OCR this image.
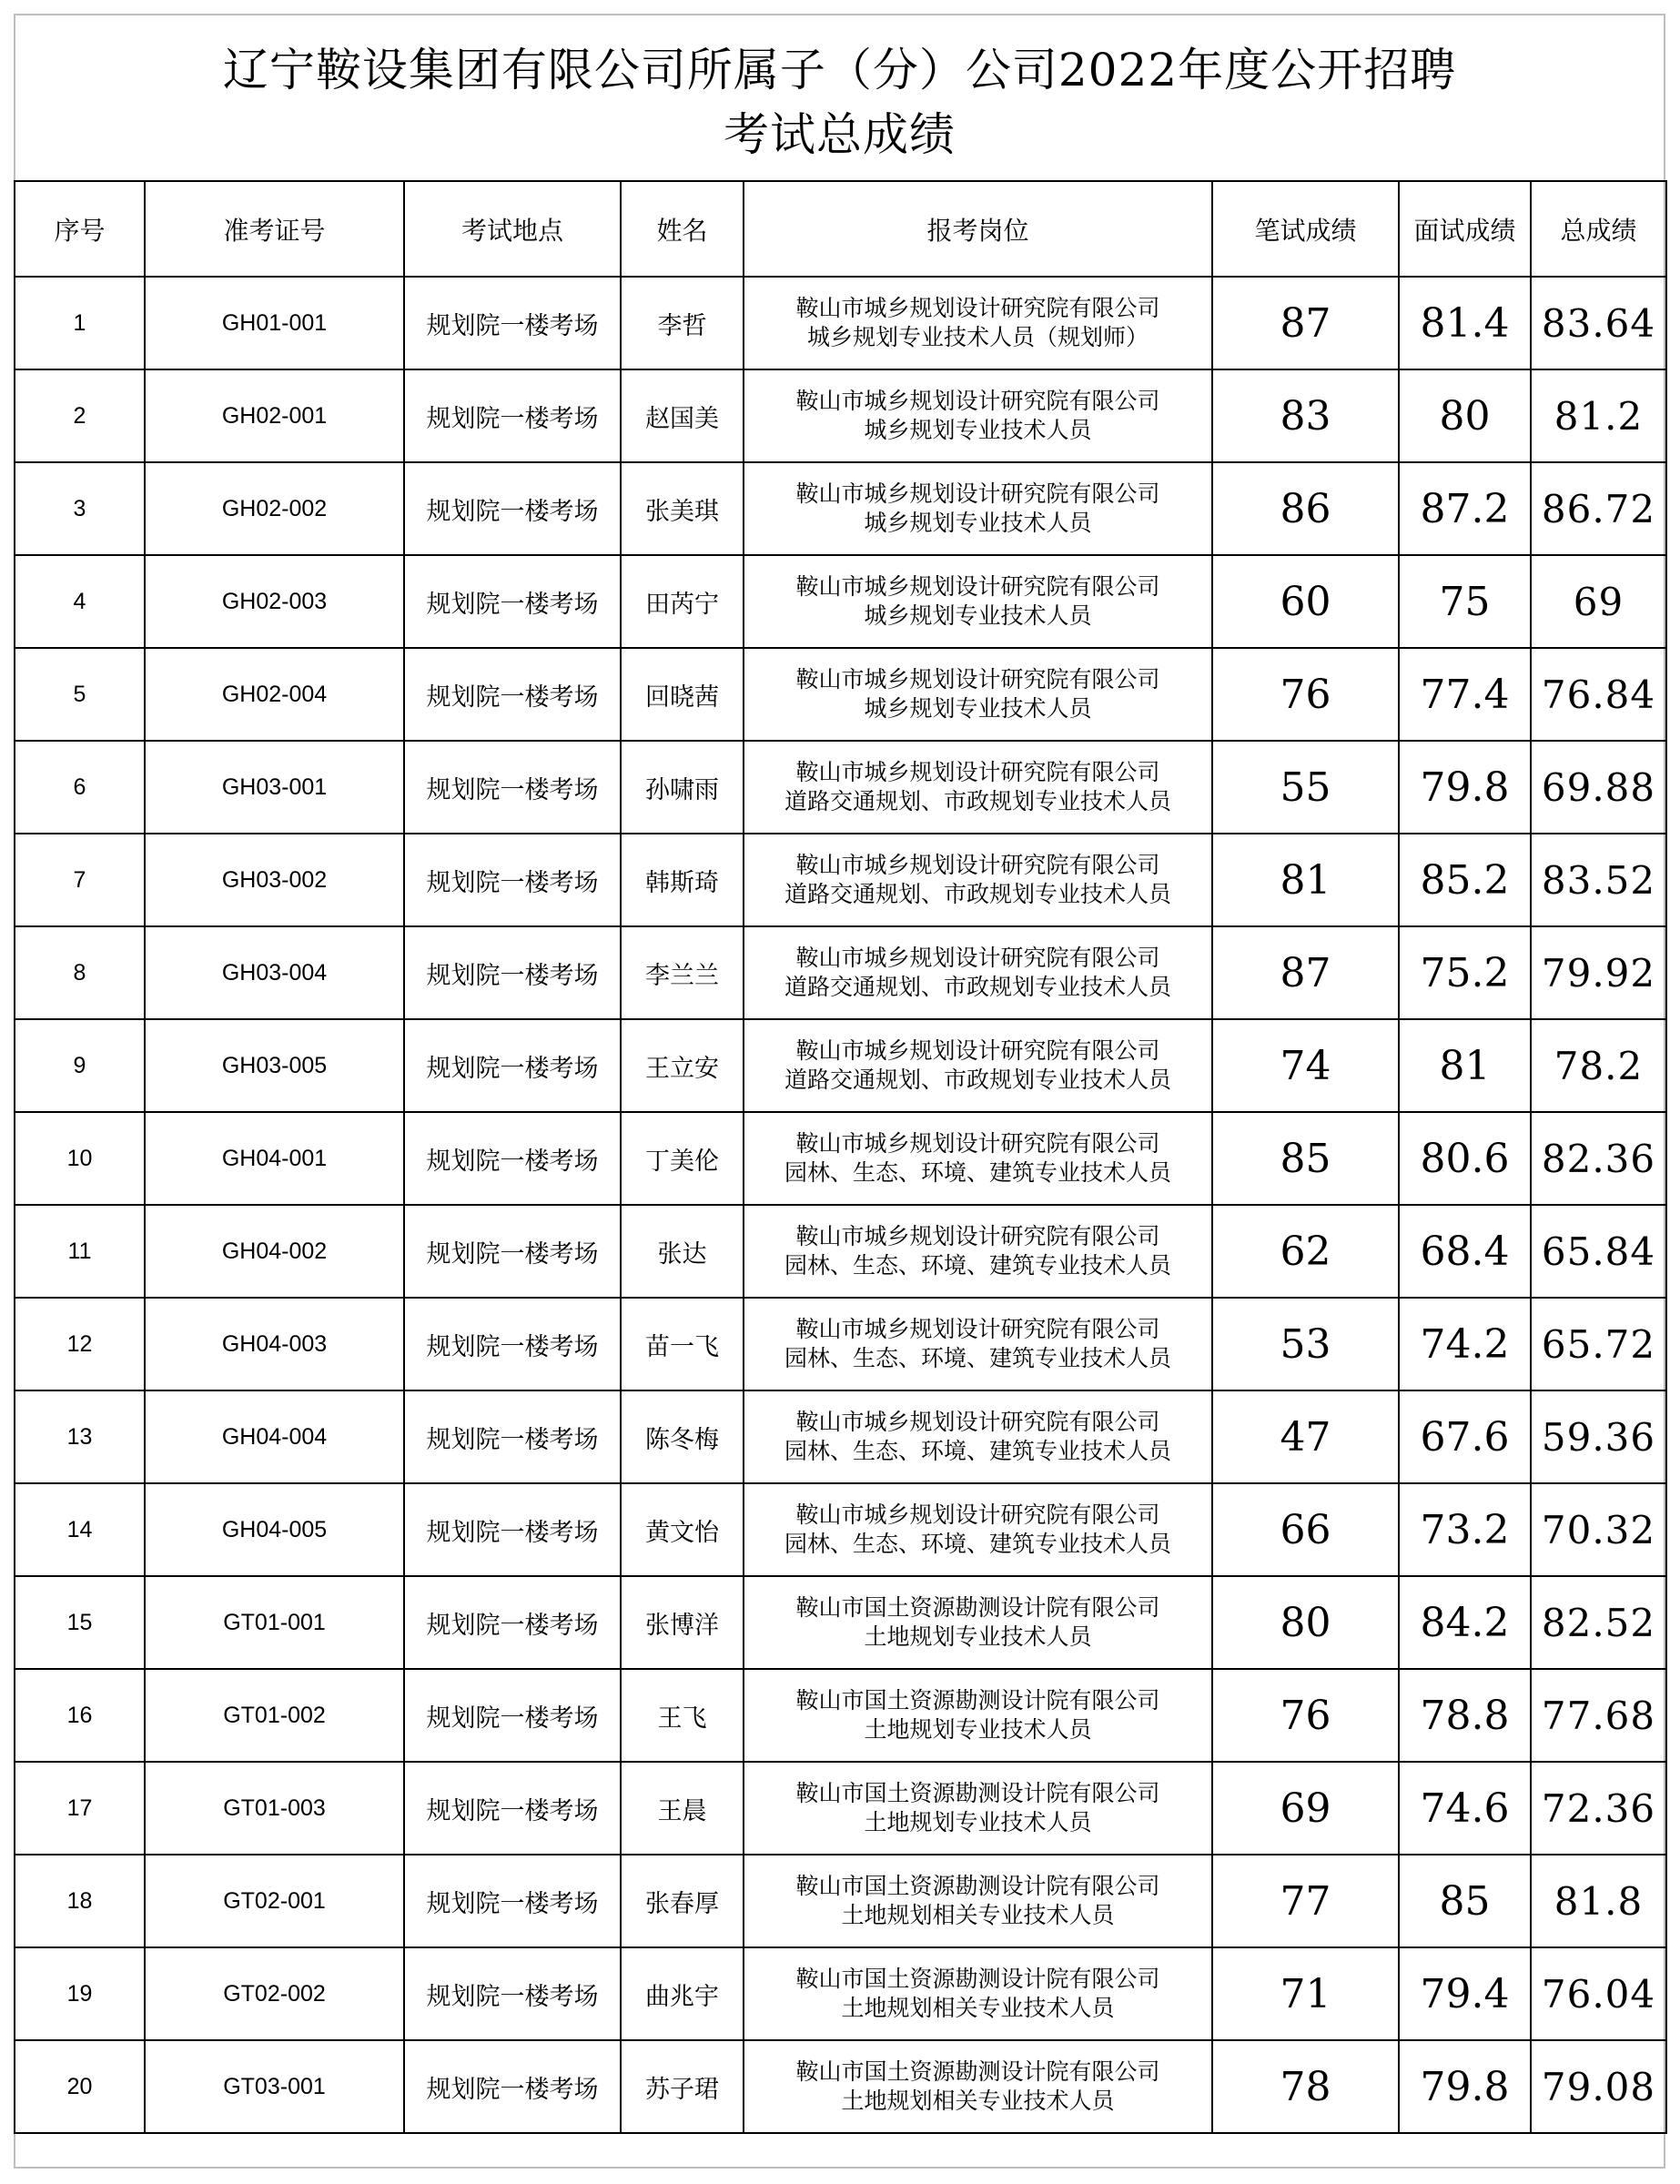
辽宁鞍设集团有限公司所属子（分）公司2022年度公开招聘
考试总成绩
序号	准考证号	考试地点	姓名	报考岗位	笔试成绩	面试成绩	总成绩
1	GH01-001	规划院一楼考场	李哲	鞍山市城乡规划设计研究院有限公司
城乡规划专业技术人员（规划师）	87	81.4	83.64
2	GH02-001	规划院一楼考场	赵国美	鞍山市城乡规划设计研究院有限公司
城乡规划专业技术人员	83	80	81.2
3	GH02-002	规划院一楼考场	张美琪	鞍山市城乡规划设计研究院有限公司
城乡规划专业技术人员	86	87.2	86.72
4	GH02-003	规划院一楼考场	田芮宁	鞍山市城乡规划设计研究院有限公司
城乡规划专业技术人员	60	75	69
5	GH02-004	规划院一楼考场	回晓茜	鞍山市城乡规划设计研究院有限公司
城乡规划专业技术人员	76	77.4	76.84
6	GH03-001	规划院一楼考场	孙啸雨	鞍山市城乡规划设计研究院有限公司
道路交通规划、市政规划专业技术人员	55	79.8	69.88
7	GH03-002	规划院一楼考场	韩斯琦	鞍山市城乡规划设计研究院有限公司
道路交通规划、市政规划专业技术人员	81	85.2	83.52
8	GH03-004	规划院一楼考场	李兰兰	鞍山市城乡规划设计研究院有限公司
道路交通规划、市政规划专业技术人员	87	75.2	79.92
9	GH03-005	规划院一楼考场	王立安	鞍山市城乡规划设计研究院有限公司
道路交通规划、市政规划专业技术人员	74	81	78.2
10	GH04-001	规划院一楼考场	丁美伦	鞍山市城乡规划设计研究院有限公司
园林、生态、环境、建筑专业技术人员	85	80.6	82.36
11	GH04-002	规划院一楼考场	张达	鞍山市城乡规划设计研究院有限公司
园林、生态、环境、建筑专业技术人员	62	68.4	65.84
12	GH04-003	规划院一楼考场	苗一飞	鞍山市城乡规划设计研究院有限公司
园林、生态、环境、建筑专业技术人员	53	74.2	65.72
13	GH04-004	规划院一楼考场	陈冬梅	鞍山市城乡规划设计研究院有限公司
园林、生态、环境、建筑专业技术人员	47	67.6	59.36
14	GH04-005	规划院一楼考场	黄文怡	鞍山市城乡规划设计研究院有限公司
园林、生态、环境、建筑专业技术人员	66	73.2	70.32
15	GT01-001	规划院一楼考场	张博洋	鞍山市国土资源勘测设计院有限公司
土地规划专业技术人员	80	84.2	82.52
16	GT01-002	规划院一楼考场	王飞	鞍山市国土资源勘测设计院有限公司
土地规划专业技术人员	76	78.8	77.68
17	GT01-003	规划院一楼考场	王晨	鞍山市国土资源勘测设计院有限公司
土地规划专业技术人员	69	74.6	72.36
18	GT02-001	规划院一楼考场	张春厚	鞍山市国土资源勘测设计院有限公司
土地规划相关专业技术人员	77	85	81.8
19	GT02-002	规划院一楼考场	曲兆宇	鞍山市国土资源勘测设计院有限公司
土地规划相关专业技术人员	71	79.4	76.04
20	GT03-001	规划院一楼考场	苏子珺	鞍山市国土资源勘测设计院有限公司
土地规划相关专业技术人员	78	79.8	79.08
